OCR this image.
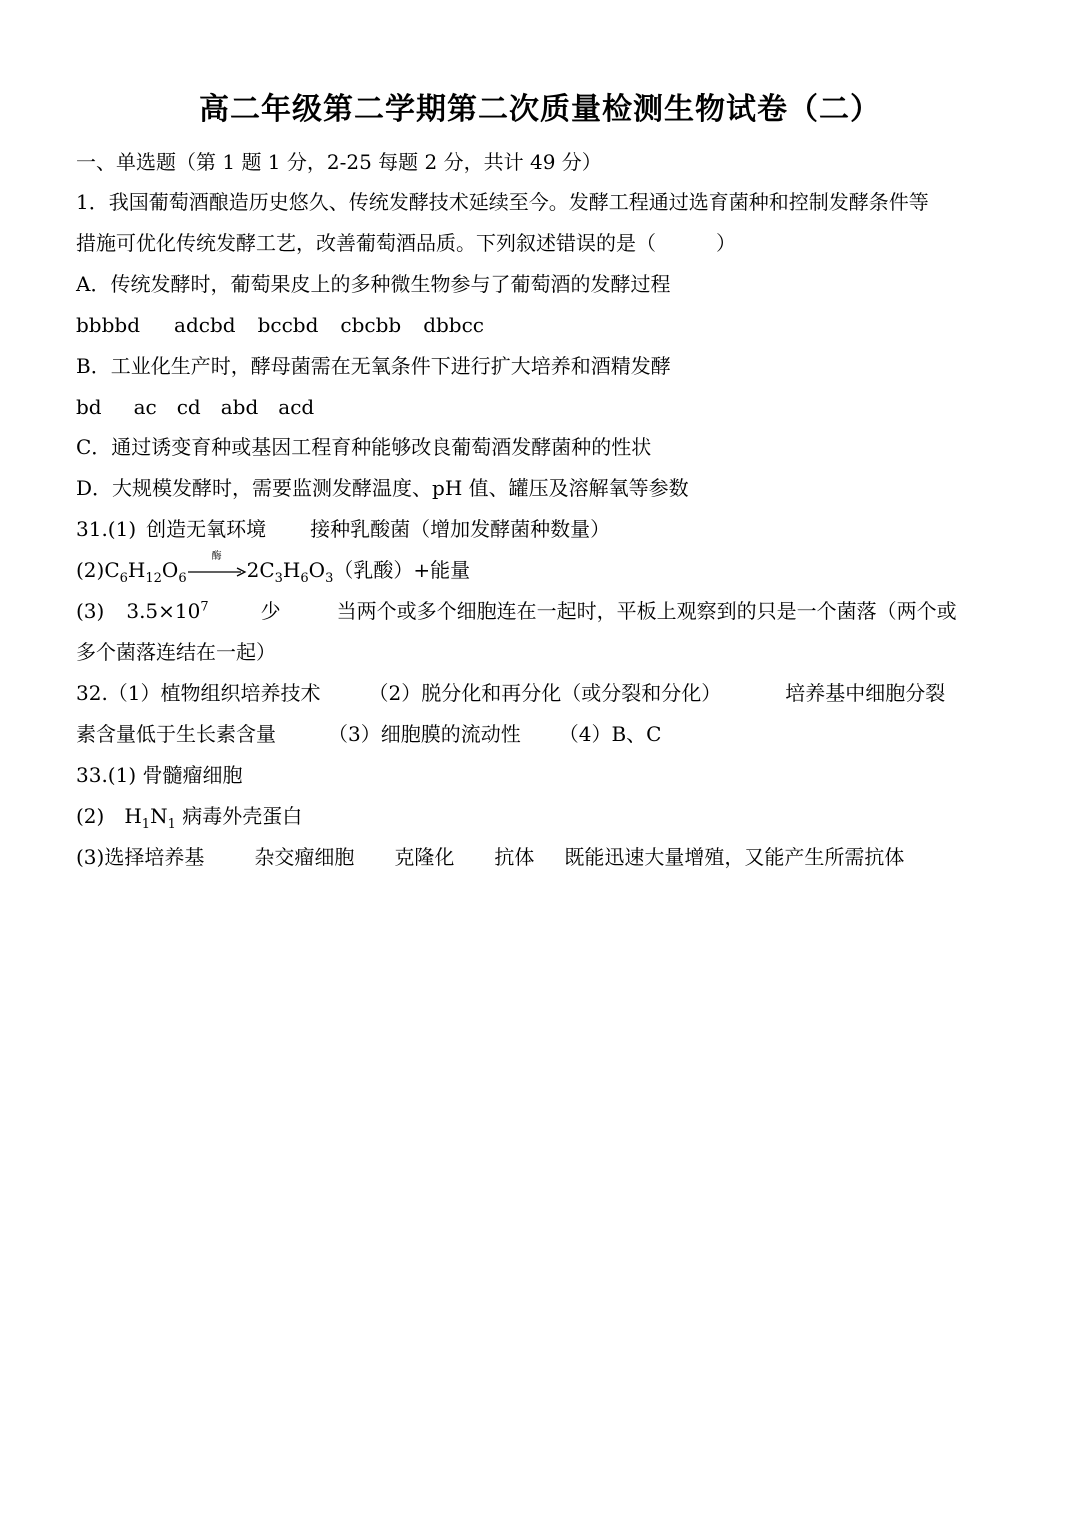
高二年级第二学期第二次质量检测生物试卷（二）
一、单选题（第 1 题 1 分，2-25 每题 2 分，共计 49 分）
1．我国葡萄酒酿造历史悠久、传统发酵技术延续至今。发酵工程通过选育菌种和控制发酵条件等
措施可优化传统发酵工艺，改善葡萄酒品质。下列叙述错误的是（　　　）
A．传统发酵时，葡萄果皮上的多种微生物参与了葡萄酒的发酵过程
bbbbd adcbd bccbd cbcbb dbbcc
B．工业化生产时，酵母菌需在无氧条件下进行扩大培养和酒精发酵
bd ac cd abd acd
C．通过诱变育种或基因工程育种能够改良葡萄酒发酵菌种的性状
D．大规模发酵时，需要监测发酵温度、pH 值、罐压及溶解氧等参数
31.(1) 创造无氧环境 接种乳酸菌（增加发酵菌种数量）
$(2)C_6H_{12}O_6$
酶
$2C_3H_6O_3$（乳酸）+能量
(3) $3.5\times 10^7$	少	当两个或多个细胞连在一起时，平板上观察到的只是一个菌落（两个或
多个菌落连结在一起）
32.（1）植物组织培养技术 （2）脱分化和再分化（或分裂和分化）	培养基中细胞分裂
素含量低于生长素含量	（3）细胞膜的流动性 （4）B、C
33.(1) 骨髓瘤细胞
(2) $H_1N_1$ 病毒外壳蛋白
(3)选择培养基	杂交瘤细胞 克隆化 抗体 既能迅速大量增殖，又能产生所需抗体
